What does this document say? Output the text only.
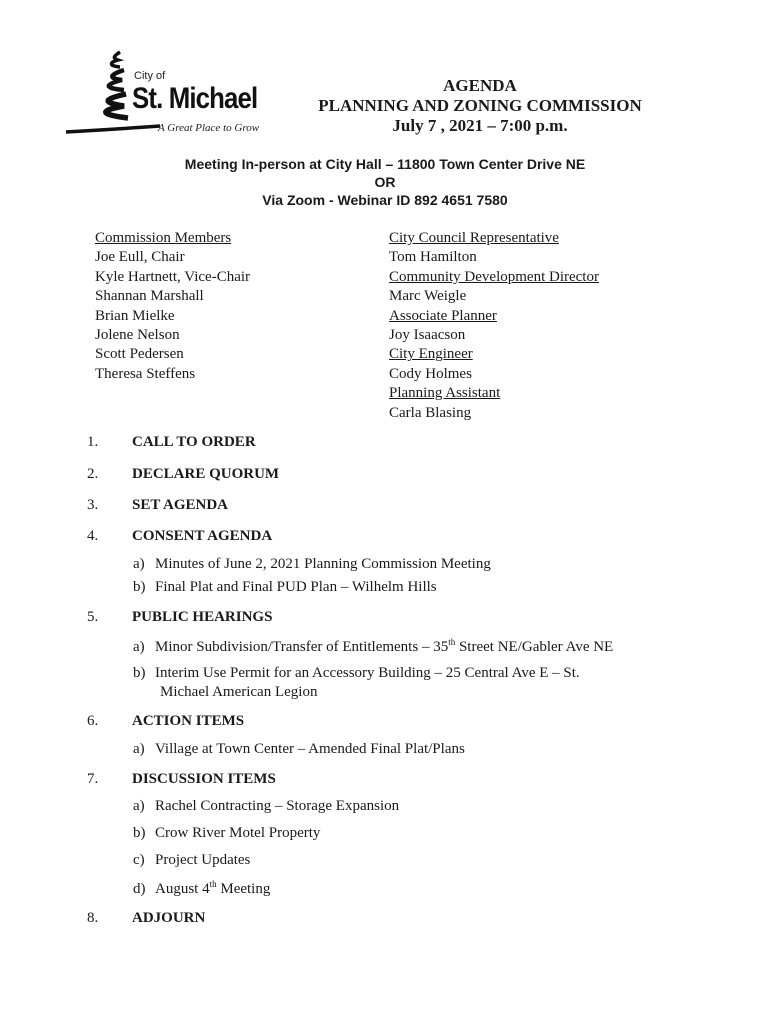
City of
St. Michael
A Great Place to Grow
AGENDA
PLANNING AND ZONING COMMISSION
July 7 , 2021 – 7:00 p.m.
Meeting In-person at City Hall – 11800 Town Center Drive NE
OR
Via Zoom - Webinar ID 892 4651 7580
Commission Members
Joe Eull, Chair
Kyle Hartnett, Vice-Chair
Shannan Marshall
Brian Mielke
Jolene Nelson
Scott Pedersen
Theresa Steffens
City Council Representative
Tom Hamilton
Community Development Director
Marc Weigle
Associate Planner
Joy Isaacson
City Engineer
Cody Holmes
Planning Assistant
Carla Blasing
1. CALL TO ORDER
2. DECLARE QUORUM
3. SET AGENDA
4. CONSENT AGENDA
a) Minutes of June 2, 2021 Planning Commission Meeting
b) Final Plat and Final PUD Plan – Wilhelm Hills
5. PUBLIC HEARINGS
a) Minor Subdivision/Transfer of Entitlements – 35th Street NE/Gabler Ave NE
b) Interim Use Permit for an Accessory Building – 25 Central Ave E – St.
Michael American Legion
6. ACTION ITEMS
a) Village at Town Center – Amended Final Plat/Plans
7. DISCUSSION ITEMS
a) Rachel Contracting – Storage Expansion
b) Crow River Motel Property
c) Project Updates
d) August 4th Meeting
8. ADJOURN
